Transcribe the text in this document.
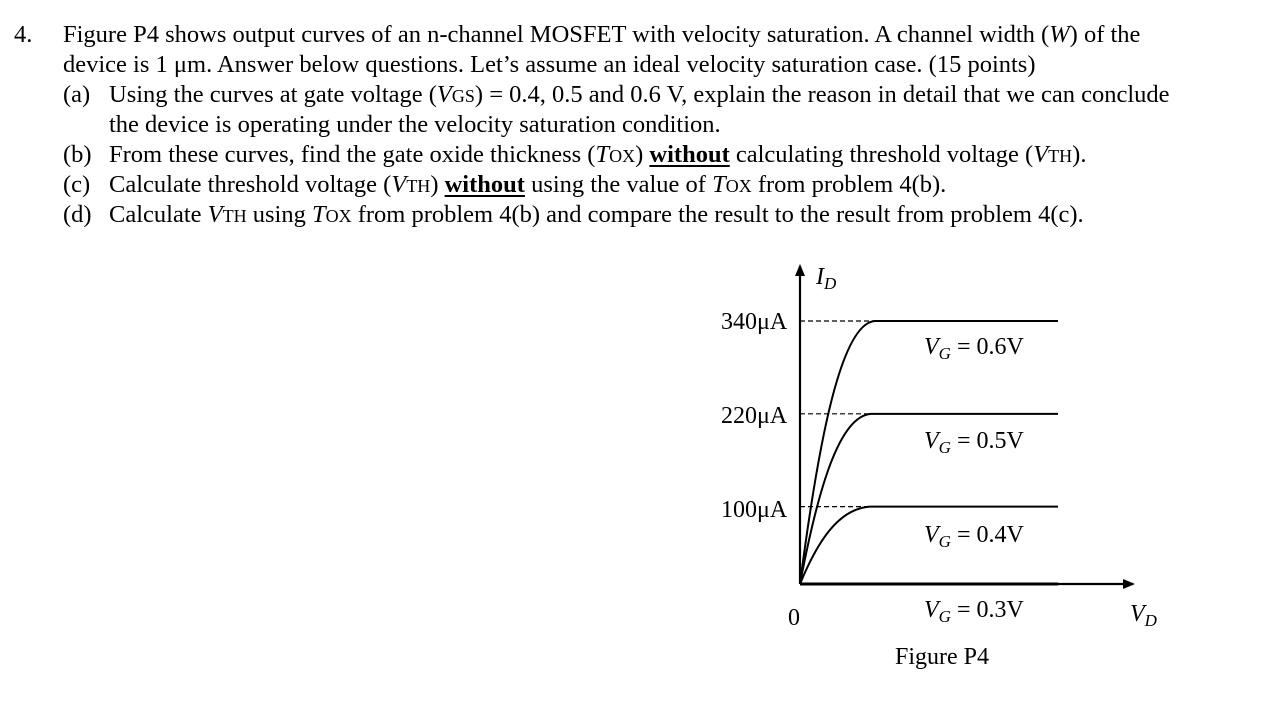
4. Figure P4 shows output curves of an n-channel MOSFET with velocity saturation. A channel width (W) of the
device is 1 μm. Answer below questions. Let’s assume an ideal velocity saturation case. (15 points)
(a) Using the curves at gate voltage (VGS) = 0.4, 0.5 and 0.6 V, explain the reason in detail that we can conclude
the device is operating under the velocity saturation condition.
(b) From these curves, find the gate oxide thickness (TOX) without calculating threshold voltage (VTH).
(c) Calculate threshold voltage (VTH) without using the value of TOX from problem 4(b).
(d) Calculate VTH using TOX from problem 4(b) and compare the result to the result from problem 4(c).
$I_D$
$V_D$
0
340μA
220μA
100μA
$V_G = 0.6V$
$V_G = 0.5V$
$V_G = 0.4V$
$V_G = 0.3V$
Figure P4
